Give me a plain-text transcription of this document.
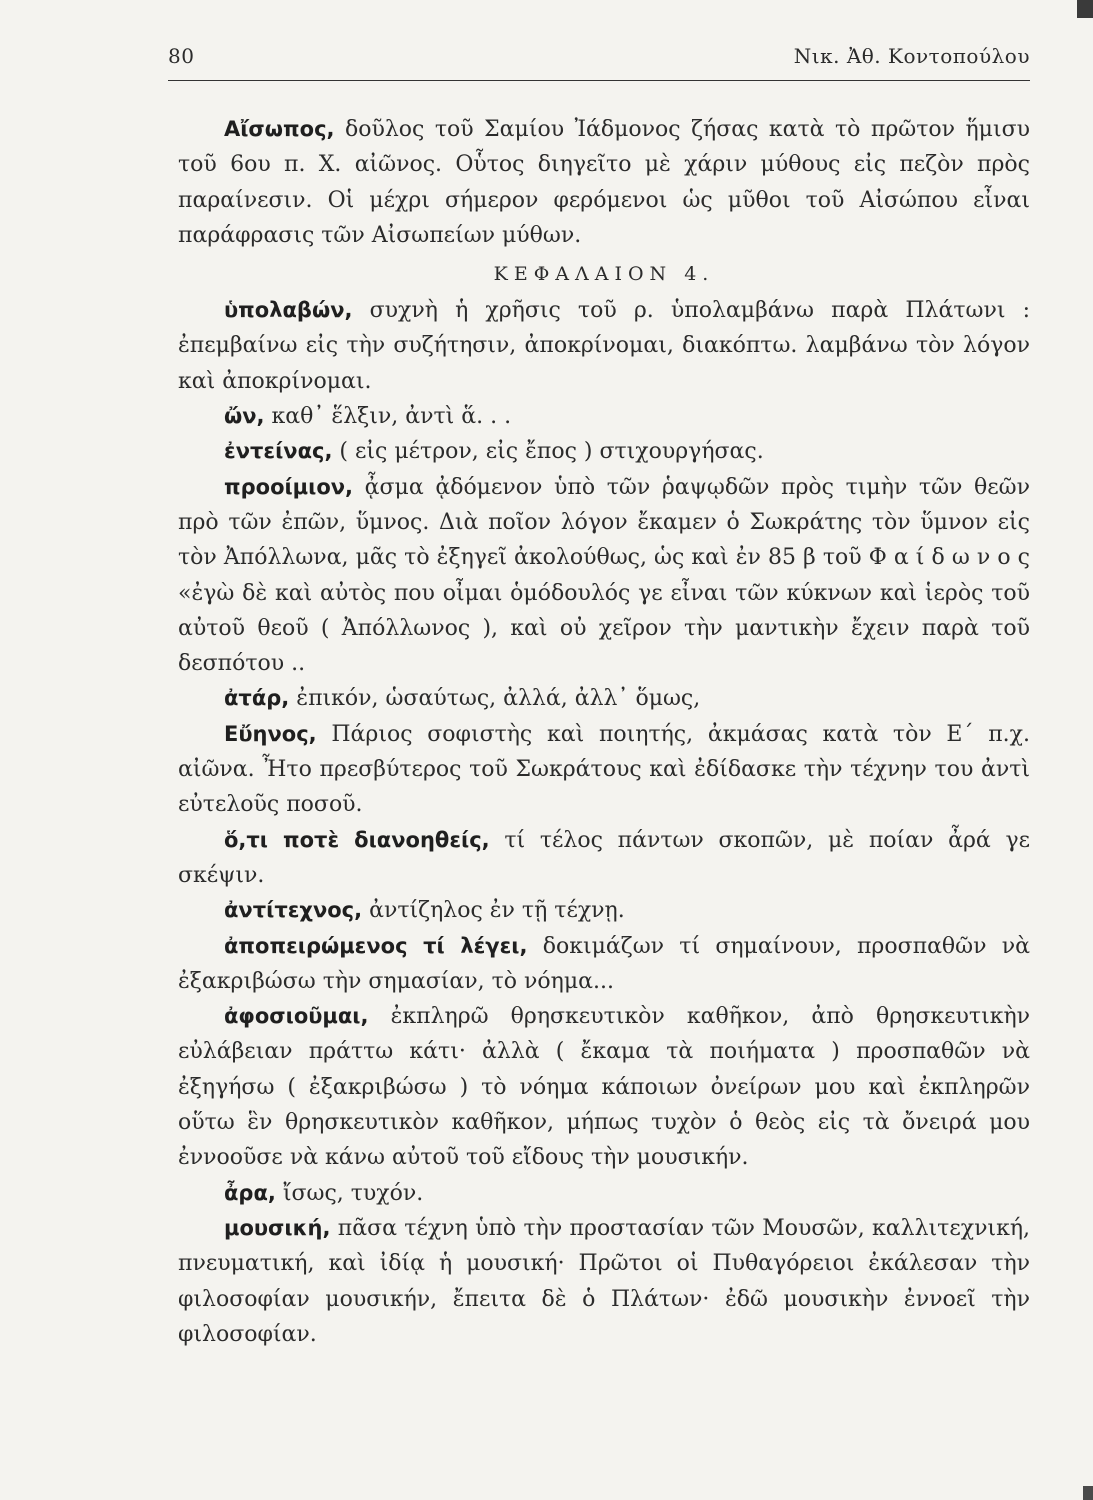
80	Νικ. Ἀθ. Κοντοπούλου

Αἴσωπος, δοῦλος τοῦ Σαμίου Ἰάδμονος ζήσας κατὰ τὸ πρῶτον ἥμισυ τοῦ 6ου π. Χ. αἰῶνος. Οὗτος διηγεῖτο μὲ χάριν μύθους εἰς πεζὸν πρὸς παραίνεσιν. Οἱ μέχρι σήμερον φερόμενοι ὡς μῦθοι τοῦ Αἰσώπου εἶναι παράφρασις τῶν Αἰσωπείων μύθων.

ΚΕΦΑΛΑΙΟΝ 4.

ὑπολαβών, συχνὴ ἡ χρῆσις τοῦ ρ. ὑπολαμβάνω παρὰ Πλάτωνι : ἐπεμβαίνω εἰς τὴν συζήτησιν, ἀποκρίνομαι, διακόπτω. λαμβάνω τὸν λόγον καὶ ἀποκρίνομαι.

ὤν, καθ᾿ ἕλξιν, ἀντὶ ἅ. . .

ἐντείνας, ( εἰς μέτρον, εἰς ἔπος ) στιχουργήσας.

προοίμιον, ᾆσμα ᾀδόμενον ὑπὸ τῶν ῥαψῳδῶν πρὸς τιμὴν τῶν θεῶν πρὸ τῶν ἐπῶν, ὕμνος. Διὰ ποῖον λόγον ἔκαμεν ὁ Σωκράτης τὸν ὕμνον εἰς τὸν Ἀπόλλωνα, μᾶς τὸ ἐξηγεῖ ἀκολούθως, ὡς καὶ ἐν 85 β τοῦ Φ α ί δ ω ν ο ς «ἐγὼ δὲ καὶ αὐτὸς που οἶμαι ὁμόδουλός γε εἶναι τῶν κύκνων καὶ ἱερὸς τοῦ αὐτοῦ θεοῦ ( Ἀπόλλωνος ), καὶ οὐ χεῖρον τὴν μαντικὴν ἔχειν παρὰ τοῦ δεσπότου ..

ἀτάρ, ἐπικόν, ὡσαύτως, ἀλλά, ἀλλ᾿ ὅμως,

Εὔηνος, Πάριος σοφιστὴς καὶ ποιητής, ἀκμάσας κατὰ τὸν Ε΄ π.χ. αἰῶνα. Ἦτο πρεσβύτερος τοῦ Σωκράτους καὶ ἐδίδασκε τὴν τέχνην του ἀντὶ εὐτελοῦς ποσοῦ.

ὅ,τι ποτὲ διανοηθείς, τί τέλος πάντων σκοπῶν, μὲ ποίαν ἆρά γε σκέψιν.

ἀντίτεχνος, ἀντίζηλος ἐν τῇ τέχνῃ.

ἀποπειρώμενος τί λέγει, δοκιμάζων τί σημαίνουν, προσπαθῶν νὰ ἐξακριβώσω τὴν σημασίαν, τὸ νόημα...

ἀφοσιοῦμαι, ἐκπληρῶ θρησκευτικὸν καθῆκον, ἀπὸ θρησκευτικὴν εὐλάβειαν πράττω κάτι· ἀλλὰ ( ἔκαμα τὰ ποιήματα ) προσπαθῶν νὰ ἐξηγήσω ( ἐξακριβώσω ) τὸ νόημα κάποιων ὀνείρων μου καὶ ἐκπληρῶν οὕτω ἓν θρησκευτικὸν καθῆκον, μήπως τυχὸν ὁ θεὸς εἰς τὰ ὄνειρά μου ἐννοοῦσε νὰ κάνω αὐτοῦ τοῦ εἴδους τὴν μουσικήν.

ἆρα, ἴσως, τυχόν.

μουσική, πᾶσα τέχνη ὑπὸ τὴν προστασίαν τῶν Μουσῶν, καλλιτεχνική, πνευματική, καὶ ἰδίᾳ ἡ μουσική· Πρῶτοι οἱ Πυθαγόρειοι ἐκάλεσαν τὴν φιλοσοφίαν μουσικήν, ἔπειτα δὲ ὁ Πλάτων· ἐδῶ μουσικὴν ἐννοεῖ τὴν φιλοσοφίαν.
